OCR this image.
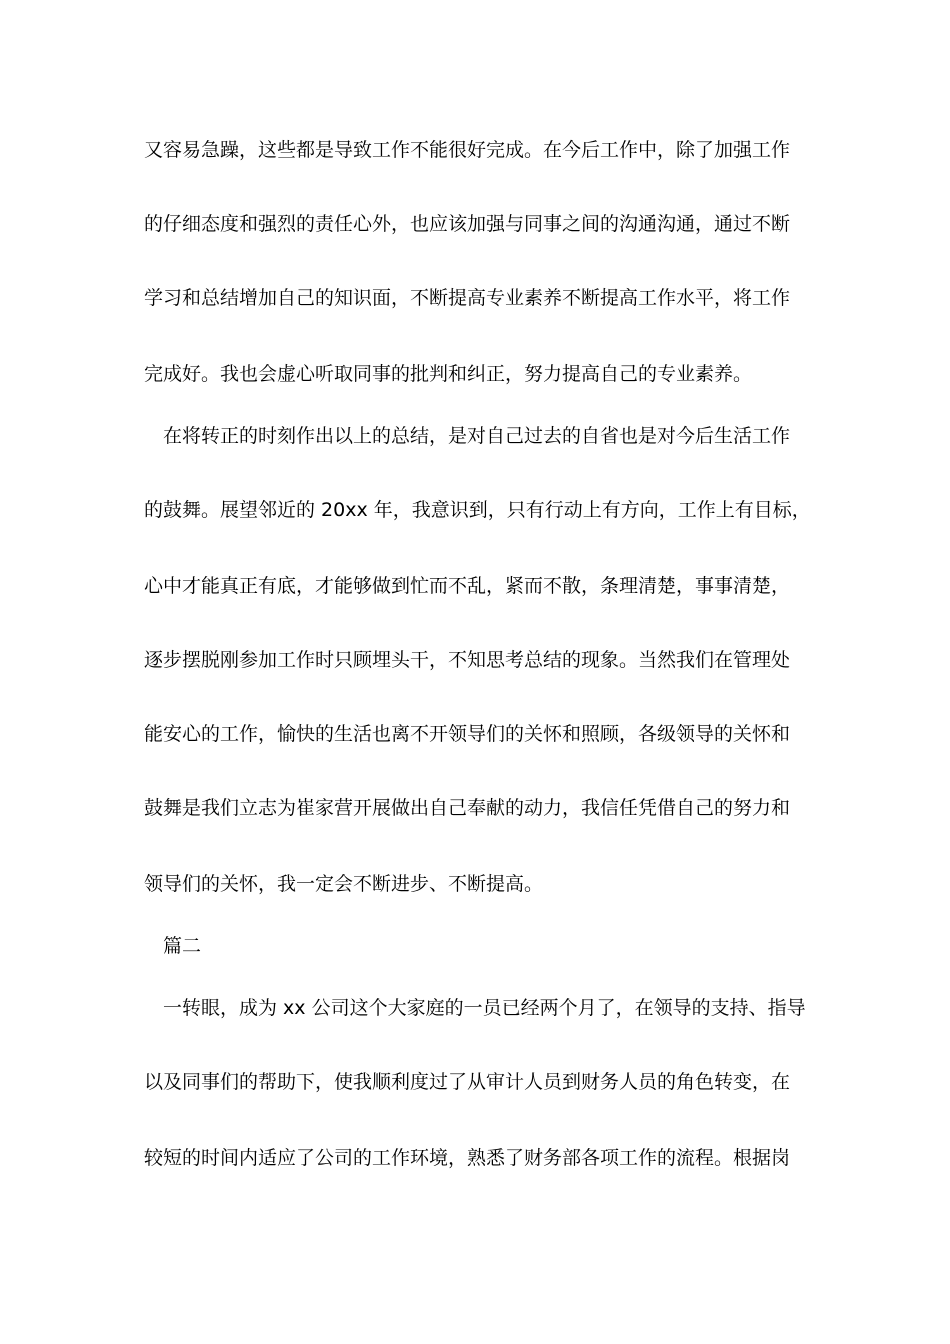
又容易急躁，这些都是导致工作不能很好完成。在今后工作中，除了加强工作
的仔细态度和强烈的责任心外，也应该加强与同事之间的沟通沟通，通过不断
学习和总结增加自己的知识面，不断提高专业素养不断提高工作水平，将工作
完成好。我也会虚心听取同事的批判和纠正，努力提高自己的专业素养。
在将转正的时刻作出以上的总结，是对自己过去的自省也是对今后生活工作
的鼓舞。展望邻近的 20xx 年，我意识到，只有行动上有方向，工作上有目标，
心中才能真正有底，才能够做到忙而不乱，紧而不散，条理清楚，事事清楚，
逐步摆脱刚参加工作时只顾埋头干，不知思考总结的现象。当然我们在管理处
能安心的工作，愉快的生活也离不开领导们的关怀和照顾，各级领导的关怀和
鼓舞是我们立志为崔家营开展做出自己奉献的动力，我信任凭借自己的努力和
领导们的关怀，我一定会不断进步、不断提高。
篇二
一转眼，成为 xx 公司这个大家庭的一员已经两个月了，在领导的支持、指导
以及同事们的帮助下，使我顺利度过了从审计人员到财务人员的角色转变，在
较短的时间内适应了公司的工作环境，熟悉了财务部各项工作的流程。根据岗
